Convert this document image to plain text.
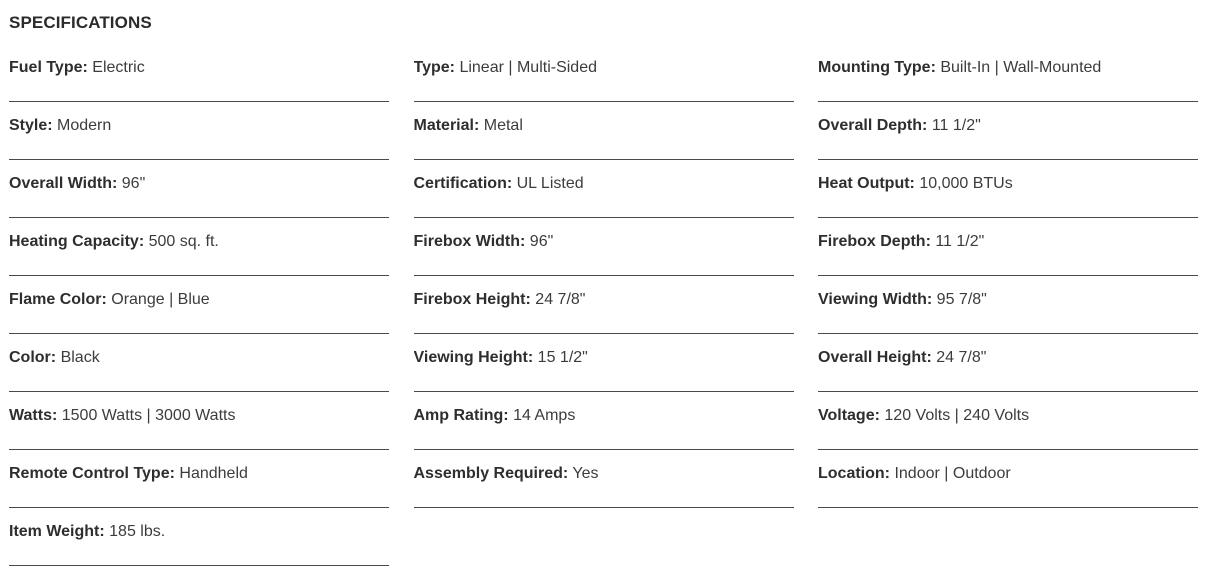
SPECIFICATIONS
Fuel Type: Electric	Type: Linear | Multi-Sided	Mounting Type: Built-In | Wall-Mounted
Style: Modern	Material: Metal	Overall Depth: 11 1/2"
Overall Width: 96"	Certification: UL Listed	Heat Output: 10,000 BTUs
Heating Capacity: 500 sq. ft.	Firebox Width: 96"	Firebox Depth: 11 1/2"
Flame Color: Orange | Blue	Firebox Height: 24 7/8"	Viewing Width: 95 7/8"
Color: Black	Viewing Height: 15 1/2"	Overall Height: 24 7/8"
Watts: 1500 Watts | 3000 Watts	Amp Rating: 14 Amps	Voltage: 120 Volts | 240 Volts
Remote Control Type: Handheld	Assembly Required: Yes	Location: Indoor | Outdoor
Item Weight: 185 lbs.
